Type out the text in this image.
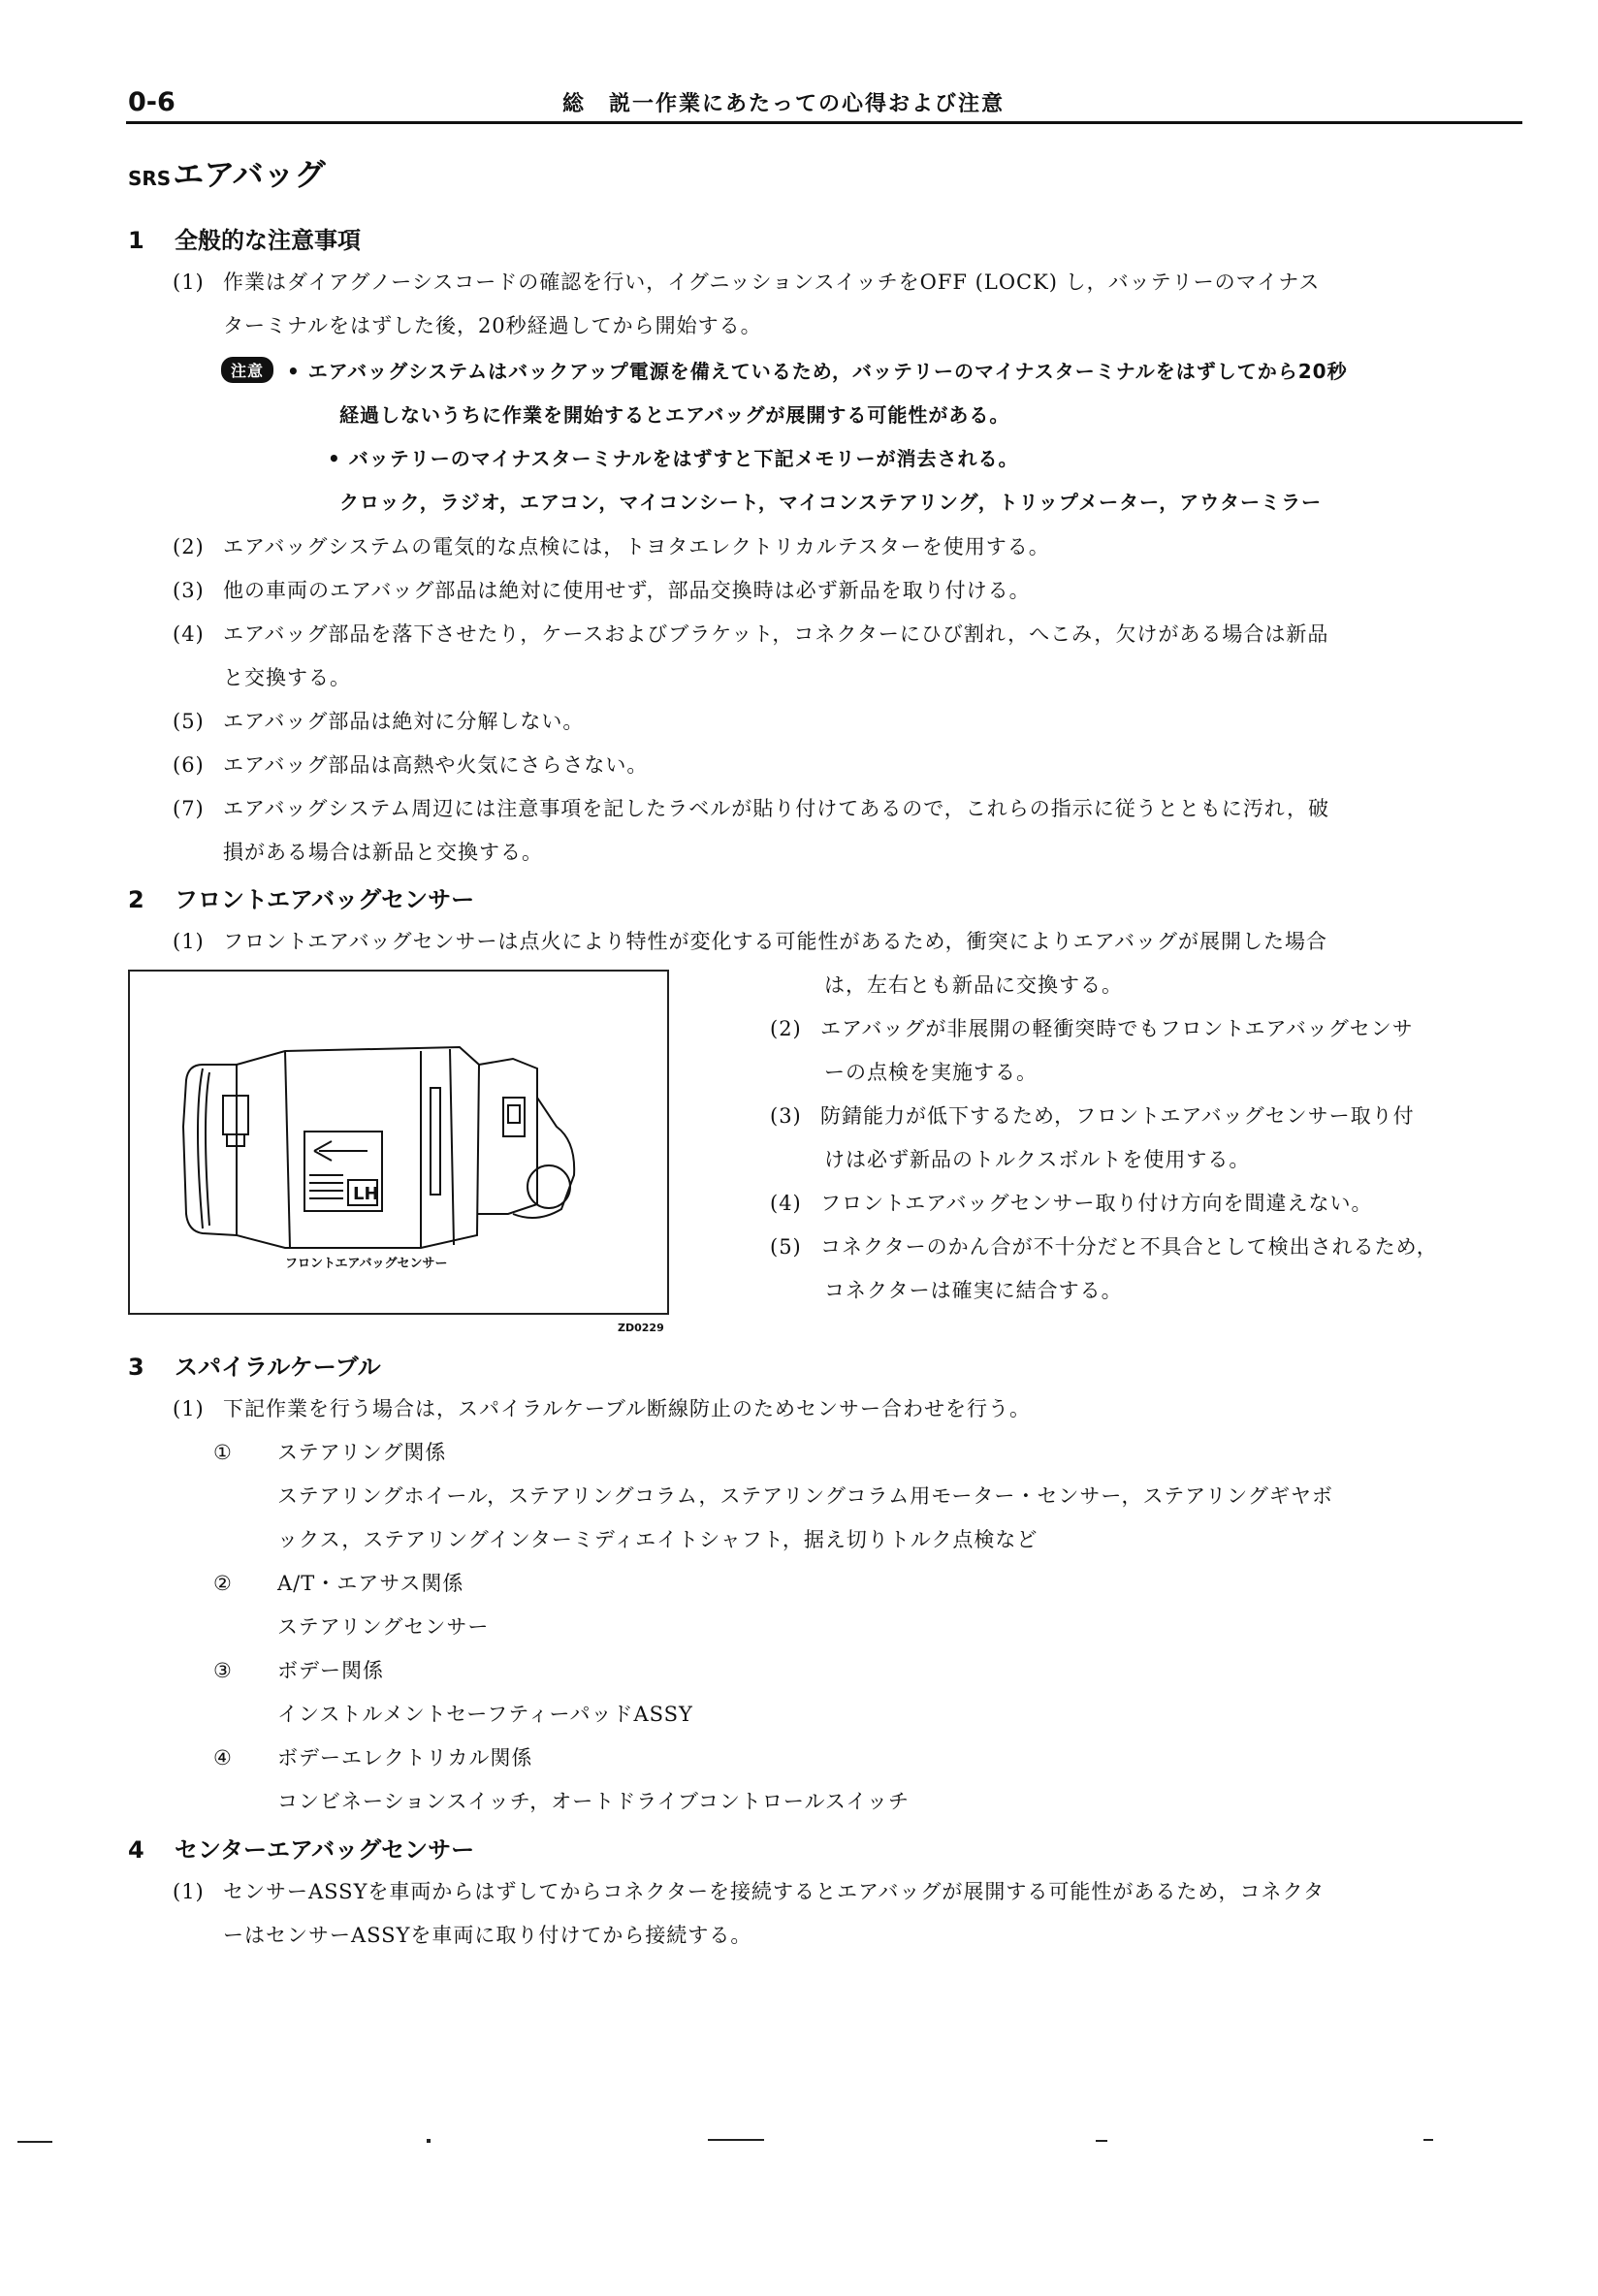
0-6	総　説一作業にあたっての心得および注意
SRSエアバッグ
1 全般的な注意事項
(1) 作業はダイアグノーシスコードの確認を行い，イグニッションスイッチをOFF (LOCK) し，バッテリーのマイナス
ターミナルをはずした後，20秒経過してから開始する。
注意 • エアバッグシステムはバックアップ電源を備えているため，バッテリーのマイナスターミナルをはずしてから20秒
経過しないうちに作業を開始するとエアバッグが展開する可能性がある。
• バッテリーのマイナスターミナルをはずすと下記メモリーが消去される。
クロック，ラジオ，エアコン，マイコンシート，マイコンステアリング，トリップメーター，アウターミラー
(2) エアバッグシステムの電気的な点検には，トヨタエレクトリカルテスターを使用する。
(3) 他の車両のエアバッグ部品は絶対に使用せず，部品交換時は必ず新品を取り付ける。
(4) エアバッグ部品を落下させたり，ケースおよびブラケット，コネクターにひび割れ，へこみ，欠けがある場合は新品
と交換する。
(5) エアバッグ部品は絶対に分解しない。
(6) エアバッグ部品は高熱や火気にさらさない。
(7) エアバッグシステム周辺には注意事項を記したラベルが貼り付けてあるので，これらの指示に従うとともに汚れ，破
損がある場合は新品と交換する。
2 フロントエアバッグセンサー
(1) フロントエアバッグセンサーは点火により特性が変化する可能性があるため，衝突によりエアバッグが展開した場合
は，左右とも新品に交換する。
(2) エアバッグが非展開の軽衝突時でもフロントエアバッグセンサ
ーの点検を実施する。
(3) 防錆能力が低下するため，フロントエアバッグセンサー取り付
けは必ず新品のトルクスボルトを使用する。
(4) フロントエアバッグセンサー取り付け方向を間違えない。
(5) コネクターのかん合が不十分だと不具合として検出されるため，
コネクターは確実に結合する。
LH
フロントエアバッグセンサー
ZD0229
3 スパイラルケーブル
(1) 下記作業を行う場合は，スパイラルケーブル断線防止のためセンサー合わせを行う。
① ステアリング関係
ステアリングホイール，ステアリングコラム，ステアリングコラム用モーター・センサー，ステアリングギヤボ
ックス，ステアリングインターミディエイトシャフト，据え切りトルク点検など
② A/T・エアサス関係
ステアリングセンサー
③ ボデー関係
インストルメントセーフティーパッドASSY
④ ボデーエレクトリカル関係
コンビネーションスイッチ，オートドライブコントロールスイッチ
4 センターエアバッグセンサー
(1) センサーASSYを車両からはずしてからコネクターを接続するとエアバッグが展開する可能性があるため，コネクタ
ーはセンサーASSYを車両に取り付けてから接続する。
